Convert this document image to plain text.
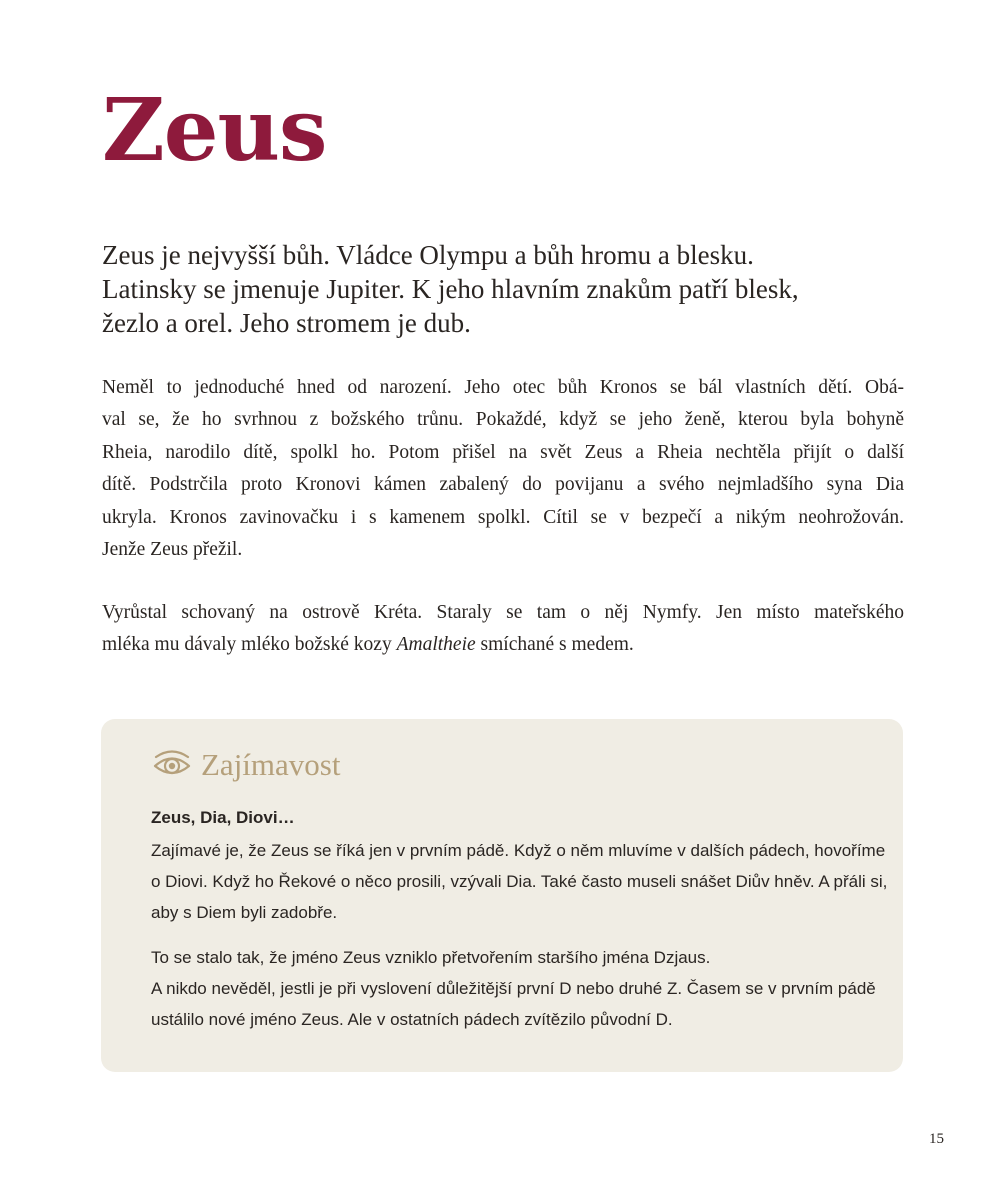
Zeus

Zeus je nejvyšší bůh. Vládce Olympu a bůh hromu a blesku.
Latinsky se jmenuje Jupiter. K jeho hlavním znakům patří blesk,
žezlo a orel. Jeho stromem je dub.

Neměl to jednoduché hned od narození. Jeho otec bůh Kronos se bál vlastních dětí. Obá-
val se, že ho svrhnou z božského trůnu. Pokaždé, když se jeho ženě, kterou byla bohyně
Rheia, narodilo dítě, spolkl ho. Potom přišel na svět Zeus a Rheia nechtěla přijít o další
dítě. Podstrčila proto Kronovi kámen zabalený do povijanu a svého nejmladšího syna Dia
ukryla. Kronos zavinovačku i s kamenem spolkl. Cítil se v bezpečí a nikým neohrožován.
Jenže Zeus přežil.

Vyrůstal schovaný na ostrově Kréta. Staraly se tam o něj Nymfy. Jen místo mateřského
mléka mu dávaly mléko božské kozy Amaltheie smíchané s medem.

Zajímavost
Zeus, Dia, Diovi…
Zajímavé je, že Zeus se říká jen v prvním pádě. Když o něm mluvíme v dalších pádech, hovoříme
o Diovi. Když ho Řekové o něco prosili, vzývali Dia. Také často museli snášet Diův hněv. A přáli si,
aby s Diem byli zadobře.
To se stalo tak, že jméno Zeus vzniklo přetvořením staršího jména Dzjaus.
A nikdo nevěděl, jestli je při vyslovení důležitější první D nebo druhé Z. Časem se v prvním pádě
ustálilo nové jméno Zeus. Ale v ostatních pádech zvítězilo původní D.
15
